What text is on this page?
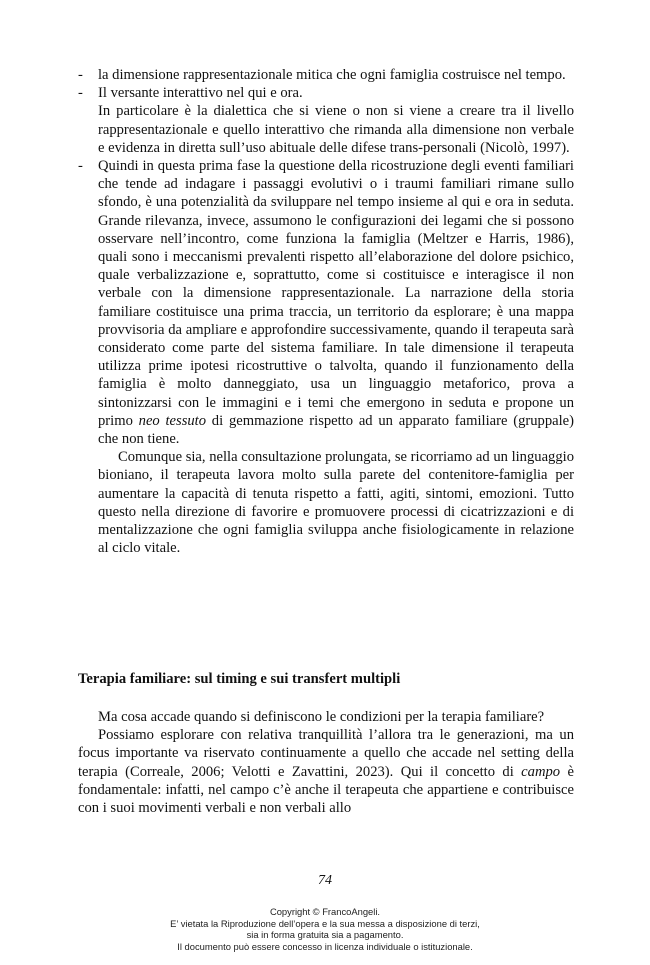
- la dimensione rappresentazionale mitica che ogni famiglia costruisce nel tempo.

- Il versante interattivo nel qui e ora.

In particolare è la dialettica che si viene o non si viene a creare tra il livello rappresentazionale e quello interattivo che rimanda alla dimensione non verbale e evidenza in diretta sull’uso abituale delle difese trans-personali (Nicolò, 1997).

- Quindi in questa prima fase la questione della ricostruzione degli eventi familiari che tende ad indagare i passaggi evolutivi o i traumi familiari rimane sullo sfondo, è una potenzialità da sviluppare nel tempo insieme al qui e ora in seduta. Grande rilevanza, invece, assumono le configurazioni dei legami che si possono osservare nell’incontro, come funziona la famiglia (Meltzer e Harris, 1986), quali sono i meccanismi prevalenti rispetto all’elaborazione del dolore psichico, quale verbalizzazione e, soprattutto, come si costituisce e interagisce il non verbale con la dimensione rappresentazionale. La narrazione della storia familiare costituisce una prima traccia, un territorio da esplorare; è una mappa provvisoria da ampliare e approfondire successivamente, quando il terapeuta sarà considerato come parte del sistema familiare. In tale dimensione il terapeuta utilizza prime ipotesi ricostruttive o talvolta, quando il funzionamento della famiglia è molto danneggiato, usa un linguaggio metaforico, prova a sintonizzarsi con le immagini e i temi che emergono in seduta e propone un primo neo tessuto di gemmazione rispetto ad un apparato familiare (gruppale) che non tiene.

Comunque sia, nella consultazione prolungata, se ricorriamo ad un linguaggio bioniano, il terapeuta lavora molto sulla parete del contenitore-famiglia per aumentare la capacità di tenuta rispetto a fatti, agiti, sintomi, emozioni. Tutto questo nella direzione di favorire e promuovere processi di cicatrizzazioni e di mentalizzazione che ogni famiglia sviluppa anche fisiologicamente in relazione al ciclo vitale.

Terapia familiare: sul timing e sui transfert multipli

Ma cosa accade quando si definiscono le condizioni per la terapia familiare?

Possiamo esplorare con relativa tranquillità l’allora tra le generazioni, ma un focus importante va riservato continuamente a quello che accade nel setting della terapia (Correale, 2006; Velotti e Zavattini, 2023). Qui il concetto di campo è fondamentale: infatti, nel campo c’è anche il terapeuta che appartiene e contribuisce con i suoi movimenti verbali e non verbali allo

74
Copyright © FrancoAngeli.
E’ vietata la Riproduzione dell’opera e la sua messa a disposizione di terzi,
sia in forma gratuita sia a pagamento.
Il documento può essere concesso in licenza individuale o istituzionale.
